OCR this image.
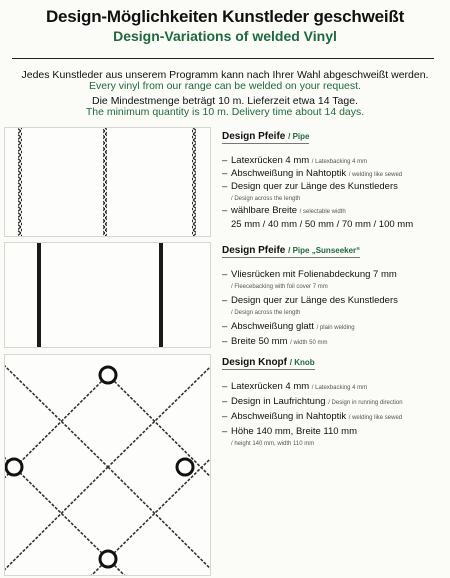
Design-Möglichkeiten Kunstleder geschweißt
Design-Variations of welded Vinyl
Jedes Kunstleder aus unserem Programm kann nach Ihrer Wahl abgeschweißt werden.
Every vinyl from our range can be welded on your request.
Die Mindestmenge beträgt 10 m. Lieferzeit etwa 14 Tage.
The minimum quantity is 10 m. Delivery time about 14 days.
Design Pfeife / Pipe
– Latexrücken 4 mm / Latexbacking 4 mm
– Abschweißung in Nahtoptik / welding like sewed
– Design quer zur Länge des Kunstleders
/ Design across the length
– wählbare Breite / selectable width
25 mm / 40 mm / 50 mm / 70 mm / 100 mm
Design Pfeife / Pipe „Sunseeker“
– Vliesrücken mit Folienabdeckung 7 mm
/ Fleecebacking with foil cover 7 mm
– Design quer zur Länge des Kunstleders
/ Design across the length
– Abschweißung glatt / plain welding
– Breite 50 mm / width 50 mm
Design Knopf / Knob
– Latexrücken 4 mm / Latexbacking 4 mm
– Design in Laufrichtung / Design in running direction
– Abschweißung in Nahtoptik / welding like sewed
– Höhe 140 mm, Breite 110 mm
/ height 140 mm, width 110 mm
